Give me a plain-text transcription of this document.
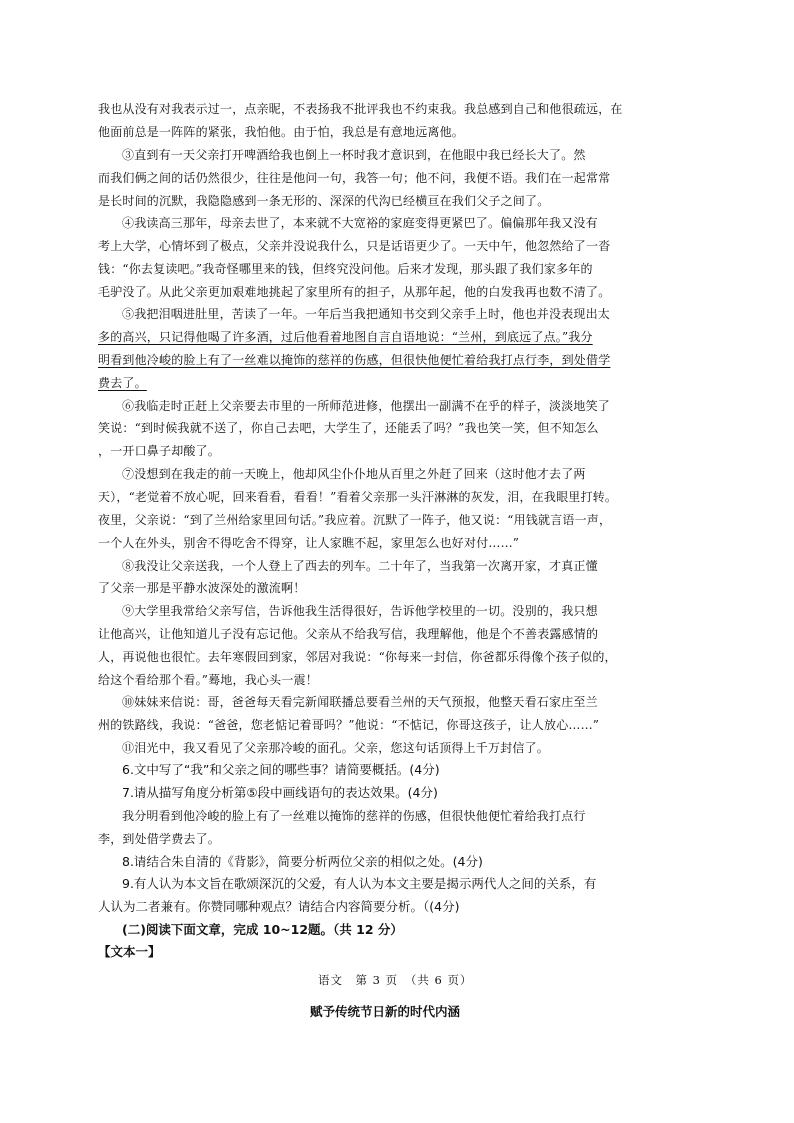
我也从没有对我表示过一，点亲昵，不表扬我不批评我也不约束我。我总感到自己和他很疏远，在
他面前总是一阵阵的紧张，我怕他。由于怕，我总是有意地远离他。
③直到有一天父亲打开啤酒给我也倒上一杯时我才意识到，在他眼中我已经长大了。然
而我们俩之间的话仍然很少，往往是他问一句，我答一句；他不问，我便不语。我们在一起常常
是长时间的沉默，我隐隐感到一条无形的、深深的代沟已经横亘在我们父子之间了。
④我读高三那年，母亲去世了，本来就不大宽裕的家庭变得更紧巴了。偏偏那年我又没有
考上大学，心情坏到了极点，父亲并没说我什么，只是话语更少了。一天中午，他忽然给了一沓
钱：“你去复读吧。”我奇怪哪里来的钱，但终究没问他。后来才发现，那头跟了我们家多年的
毛驴没了。从此父亲更加艰难地挑起了家里所有的担子，从那年起，他的白发我再也数不清了。
⑤我把泪咽进肚里，苦读了一年。一年后当我把通知书交到父亲手上时，他也并没表现出太
多的高兴，只记得他喝了许多酒，过后他看着地图自言自语地说：“兰州，到底远了点。”我分
明看到他冷峻的脸上有了一丝难以掩饰的慈祥的伤感，但很快他便忙着给我打点行李，到处借学
费去了。
⑥我临走时正赶上父亲要去市里的一所师范进修，他摆出一副满不在乎的样子，淡淡地笑了
笑说：“到时候我就不送了，你自己去吧，大学生了，还能丢了吗？”我也笑一笑，但不知怎么
，一开口鼻子却酸了。
⑦没想到在我走的前一天晚上，他却风尘仆仆地从百里之外赶了回来（这时他才去了两
天），“老觉着不放心呢，回来看看，看看！”看着父亲那一头汗淋淋的灰发，泪，在我眼里打转。
夜里，父亲说：“到了兰州给家里回句话。”我应着。沉默了一阵子，他又说：“用钱就言语一声，
一个人在外头，别舍不得吃舍不得穿，让人家瞧不起，家里怎么也好对付……”
⑧我没让父亲送我，一个人登上了西去的列车。二十年了，当我第一次离开家，才真正懂
了父亲一那是平静水波深处的激流啊！
⑨大学里我常给父亲写信，告诉他我生活得很好，告诉他学校里的一切。没别的，我只想
让他高兴，让他知道儿子没有忘记他。父亲从不给我写信，我理解他，他是个不善表露感情的
人，再说他也很忙。去年寒假回到家，邻居对我说：“你每来一封信，你爸都乐得像个孩子似的，
给这个看给那个看。”蓦地，我心头一震！
⑩妹妹来信说：哥，爸爸每天看完新闻联播总要看兰州的天气预报，他整天看石家庄至兰
州的铁路线，我说：“爸爸，您老惦记着哥吗？”他说：“不惦记，你哥这孩子，让人放心……”
⑪泪光中，我又看见了父亲那冷峻的面孔。父亲，您这句话顶得上千万封信了。
6.文中写了“我”和父亲之间的哪些事？请简要概括。(4分)
7.请从描写角度分析第⑤段中画线语句的表达效果。(4分)
我分明看到他冷峻的脸上有了一丝难以掩饰的慈祥的伤感，但很快他便忙着给我打点行
李，到处借学费去了。
8.请结合朱自清的《背影》，简要分析两位父亲的相似之处。(4分)
9.有人认为本文旨在歌颂深沉的父爱，有人认为本文主要是揭示两代人之间的关系，有
人认为二者兼有。你赞同哪种观点？请结合内容简要分析。（(4分)
(二)阅读下面文章，完成 10~12题。（共 12 分）
【文本一】
语文　第 3 页　（共 6 页）
赋予传统节日新的时代内涵
